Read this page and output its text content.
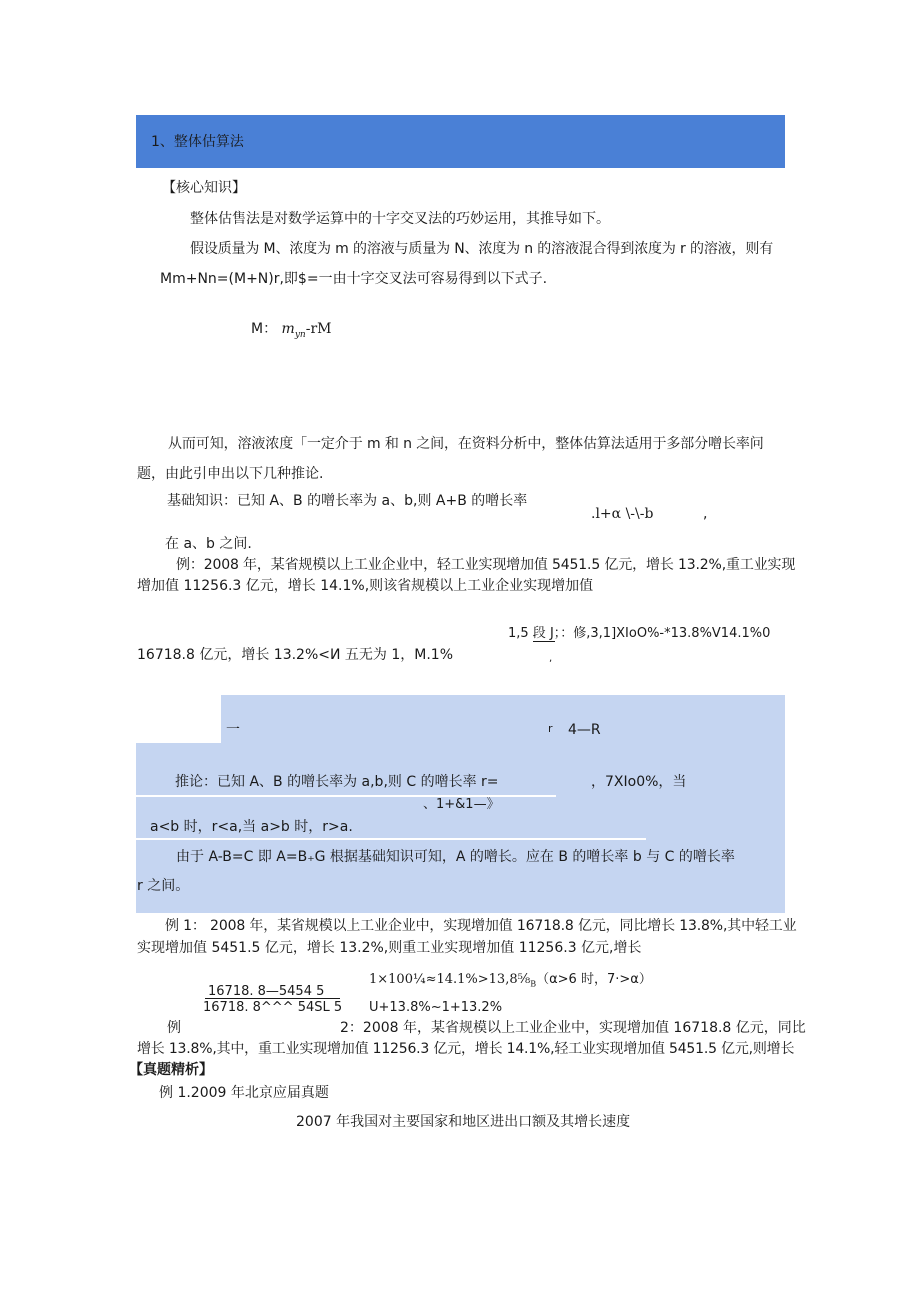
1、整体估算法
【核心知识】
整体估售法是对数学运算中的十字交叉法的巧妙运用，其推导如下。
假设质量为 M、浓度为 m 的溶液与质量为 N、浓度为 n 的溶液混合得到浓度为 r 的溶液，则有
Mm+Nn=(M+N)r,即$=一由十字交叉法可容易得到以下式子.
M： $m_{yn}-rM$
从而可知，溶液浓度「一定介于 m 和 n 之间，在资料分析中，整体估算法适用于多部分噌长率问
题，由此引申出以下几种推论.
基础知识：已知 A、B 的噌长率为 a、b,则 A+B 的噌长率
.l+α \-\-b	,
在 a、b 之间.
例：2008 年，某省规模以上工业企业中，轻工业实现增加值 5451.5 亿元，增长 13.2%,重工业实现
增加值 11256.3 亿元，增长 14.1%,则该省规模以上工业企业实现增加值
1,5 段 J；：修,3,1]XIoO%-*13.8%V14.1%0
16718.8 亿元，增长 13.2%<И 五无为 1，M.1%	,
一	r 4—R
推论：已知 A、B 的噌长率为 a,b,则 C 的噌长率 r=	，7XIo0%，当
、1+&1—》
a<b 时，r<a,当 a>b 时，r>a.
由于 A-B=C 即 A=B₊G 根据基础知识可知，A 的噌长。应在 B 的噌长率 b 与 C 的噌长率
r 之间。
例 1： 2008 年，某省规模以上工业企业中，实现增加值 16718.8 亿元，同比增长 13.8%,其中轻工业
实现增加值 5451.5 亿元，增长 13.2%,则重工业实现增加值 11256.3 亿元,增长
$1\times 100\frac{1}{4}\approx 14.1\%>13,8^5⁄_8_B(\alpha>6$ 时，7·>α）
16718. 8—5454 5
16718. 8^^^ 54SL 5 U+13.8%~1+13.2%
例	2：2008 年，某省规模以上工业企业中，实现增加值 16718.8 亿元，同比
增长 13.8%,其中，重工业实现增加值 11256.3 亿元，增长 14.1%,轻工业实现增加值 5451.5 亿元,则增长
【真题精析】
例 1.2009 年北京应届真题
2007 年我国对主要国家和地区进出口额及其增长速度
